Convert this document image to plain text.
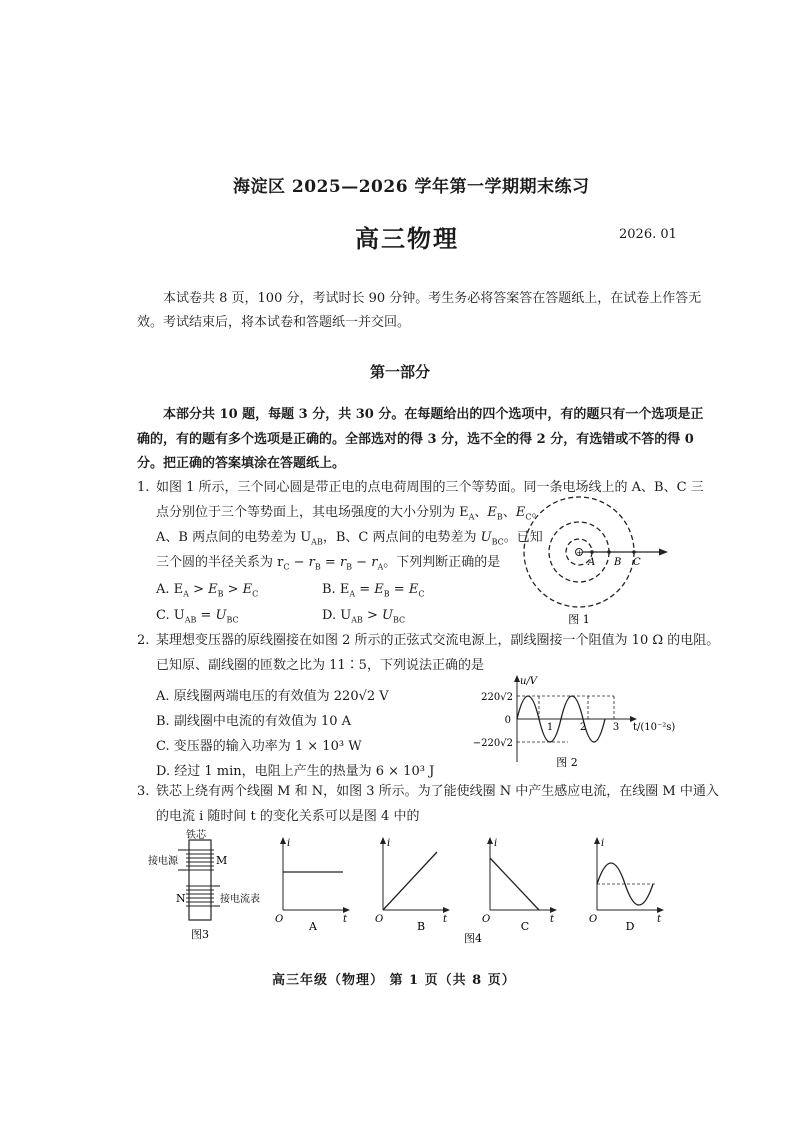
海淀区 2025—2026 学年第一学期期末练习
高三物理	2026. 01
本试卷共 8 页，100 分，考试时长 90 分钟。考生务必将答案答在答题纸上，在试卷上作答无
效。考试结束后，将本试卷和答题纸一并交回。
第一部分
本部分共 10 题，每题 3 分，共 30 分。在每题给出的四个选项中，有的题只有一个选项是正
确的，有的题有多个选项是正确的。全部选对的得 3 分，选不全的得 2 分，有选错或不答的得 0
分。把正确的答案填涂在答题纸上。
1. 如图 1 所示，三个同心圆是带正电的点电荷周围的三个等势面。同一条电场线上的 A、B、C 三
点分别位于三个等势面上，其电场强度的大小分别为 $E_A$、$E_B$、$E_C$。
A、B 两点间的电势差为 $U_{AB}$，B、C 两点间的电势差为 $U_{BC}$。已知
三个圆的半径关系为 $r_C - r_B = r_B - r_A$。下列判断正确的是
A. $E_A > E_B > E_C$	B. $E_A = E_B = E_C$
C. $U_{AB} = U_{BC}$	D. $U_{AB} > U_{BC}$
+
A B C
图 1
2. 某理想变压器的原线圈接在如图 2 所示的正弦式交流电源上，副线圈接一个阻值为 10 Ω 的电阻。
已知原、副线圈的匝数之比为 11∶5，下列说法正确的是
A. 原线圈两端电压的有效值为 220√2 V
B. 副线圈中电流的有效值为 10 A
C. 变压器的输入功率为 1 × 10³ W
D. 经过 1 min，电阻上产生的热量为 6 × 10³ J
220√2
−220√2
0
u/V
t/(10⁻²s)
1	2	3
图 2
3. 铁芯上绕有两个线圈 M 和 N，如图 3 所示。为了能使线圈 N 中产生感应电流，在线圈 M 中通入
的电流 i 随时间 t 的变化关系可以是图 4 中的
铁芯
接电源	M
N	接电流表
图3
i
t
O
A
i
t
O
B
i
t
O
C
i
t
O
D
图4
高三年级（物理） 第 1 页（共 8 页）
